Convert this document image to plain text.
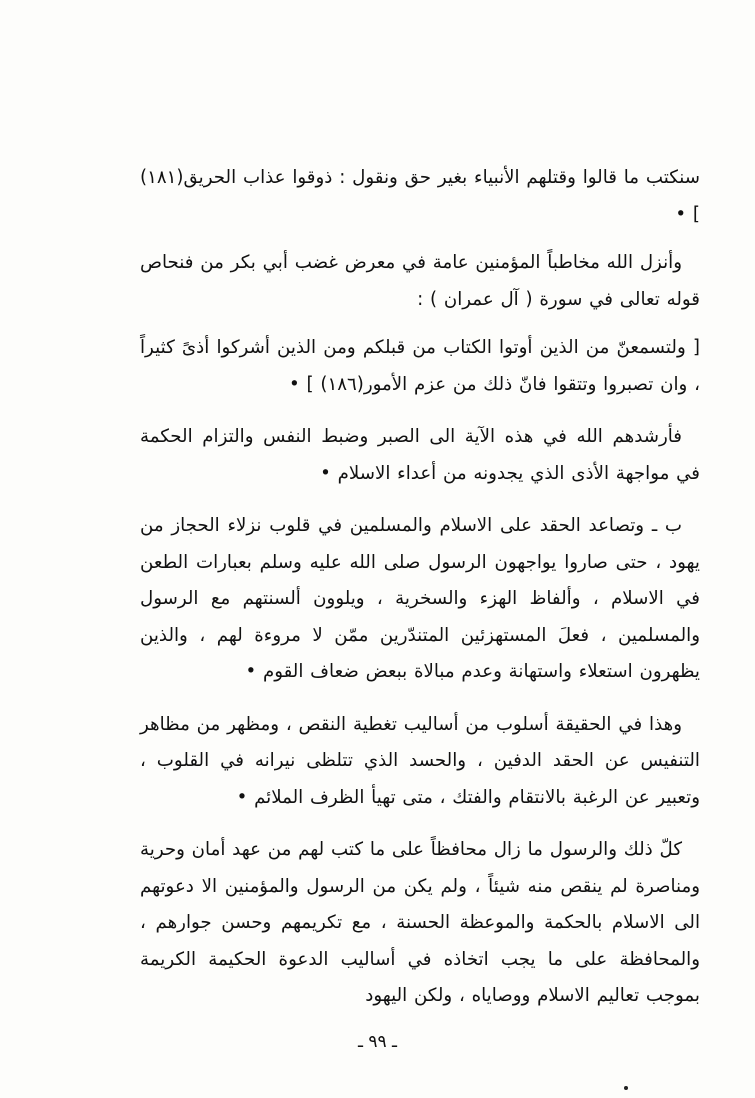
سنكتب ما قالوا وقتلهم الأنبياء بغير حق ونقول : ذوقوا عذاب الحريق(١٨١) ] •

وأنزل الله مخاطباً المؤمنين عامة في معرض غضب أبي بكر من فنحاص قوله تعالى في سورة ( آل عمران ) :

[ ولتسمعنّ من الذين أوتوا الكتاب من قبلكم ومن الذين أشركوا أذىً كثيراً ، وان تصبروا وتتقوا فانّ ذلك من عزم الأمور(١٨٦) ] •

فأرشدهم الله في هذه الآية الى الصبر وضبط النفس والتزام الحكمة في مواجهة الأذى الذي يجدونه من أعداء الاسلام •

ب ـ وتصاعد الحقد على الاسلام والمسلمين في قلوب نزلاء الحجاز من يهود ، حتى صاروا يواجهون الرسول صلى الله عليه وسلم بعبارات الطعن في الاسلام ، وألفاظ الهزء والسخرية ، ويلوون ألسنتهم مع الرسول والمسلمين ، فعلَ المستهزئين المتندّرين ممّن لا مروءة لهم ، والذين يظهرون استعلاء واستهانة وعدم مبالاة ببعض ضعاف القوم •

وهذا في الحقيقة أسلوب من أساليب تغطية النقص ، ومظهر من مظاهر التنفيس عن الحقد الدفين ، والحسد الذي تتلظى نيرانه في القلوب ، وتعبير عن الرغبة بالانتقام والفتك ، متى تهيأ الظرف الملائم •

كلّ ذلك والرسول ما زال محافظاً على ما كتب لهم من عهد أمان وحرية ومناصرة لم ينقص منه شيئاً ، ولم يكن من الرسول والمؤمنين الا دعوتهم الى الاسلام بالحكمة والموعظة الحسنة ، مع تكريمهم وحسن جوارهم ، والمحافظة على ما يجب اتخاذه في أساليب الدعوة الحكيمة الكريمة بموجب تعاليم الاسلام ووصاياه ، ولكن اليهود

ـ ٩٩ ـ
